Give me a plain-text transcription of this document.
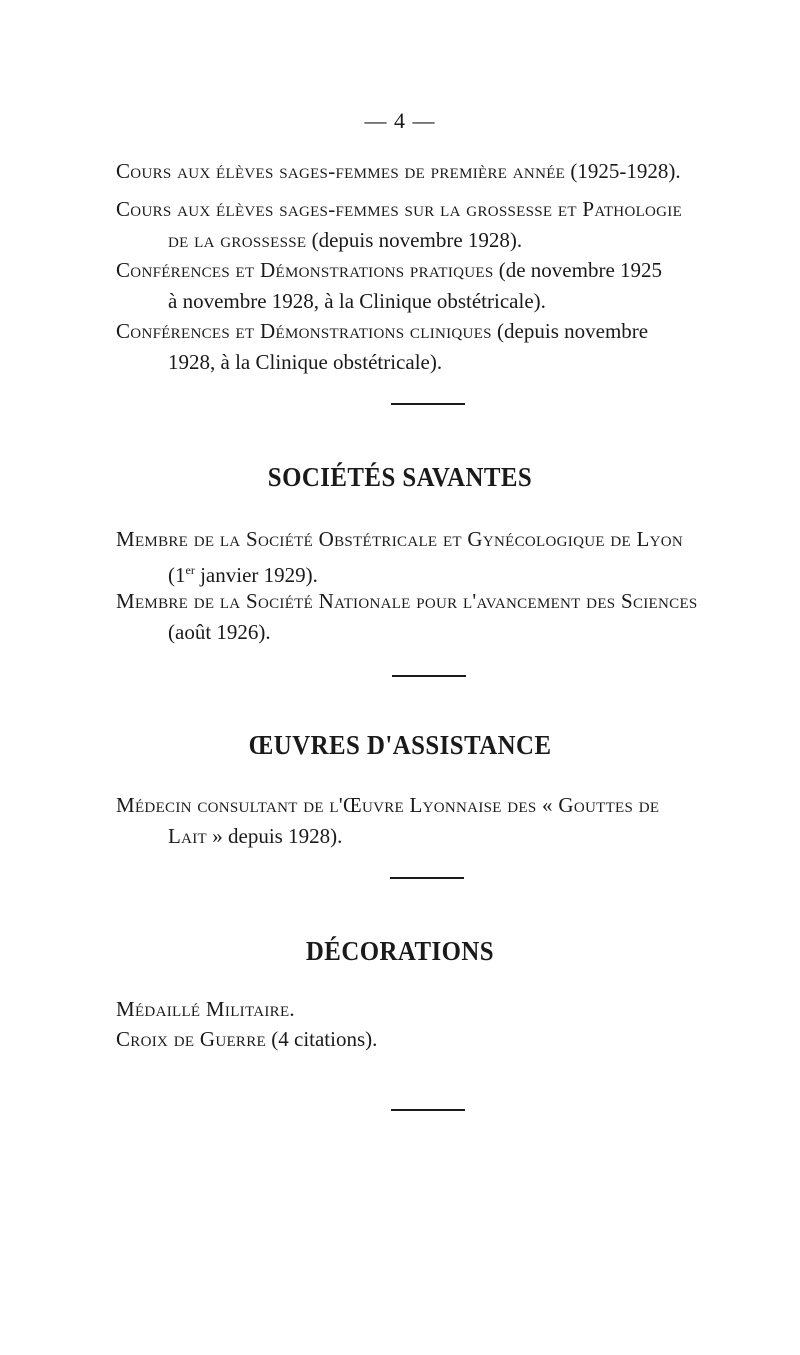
— 4 —
Cours aux élèves sages-femmes de première année (1925-1928).
Cours aux élèves sages-femmes sur la grossesse et Pathologie
de la grossesse (depuis novembre 1928).
Conférences et Démonstrations pratiques (de novembre 1925
à novembre 1928, à la Clinique obstétricale).
Conférences et Démonstrations cliniques (depuis novembre
1928, à la Clinique obstétricale).
SOCIÉTÉS SAVANTES
Membre de la Société Obstétricale et Gynécologique de Lyon
(1er janvier 1929).
Membre de la Société Nationale pour l'avancement des Sciences
(août 1926).
ŒUVRES D'ASSISTANCE
Médecin consultant de l'Œuvre Lyonnaise des « Gouttes de
Lait » depuis 1928).
DÉCORATIONS
Médaillé Militaire.
Croix de Guerre (4 citations).
